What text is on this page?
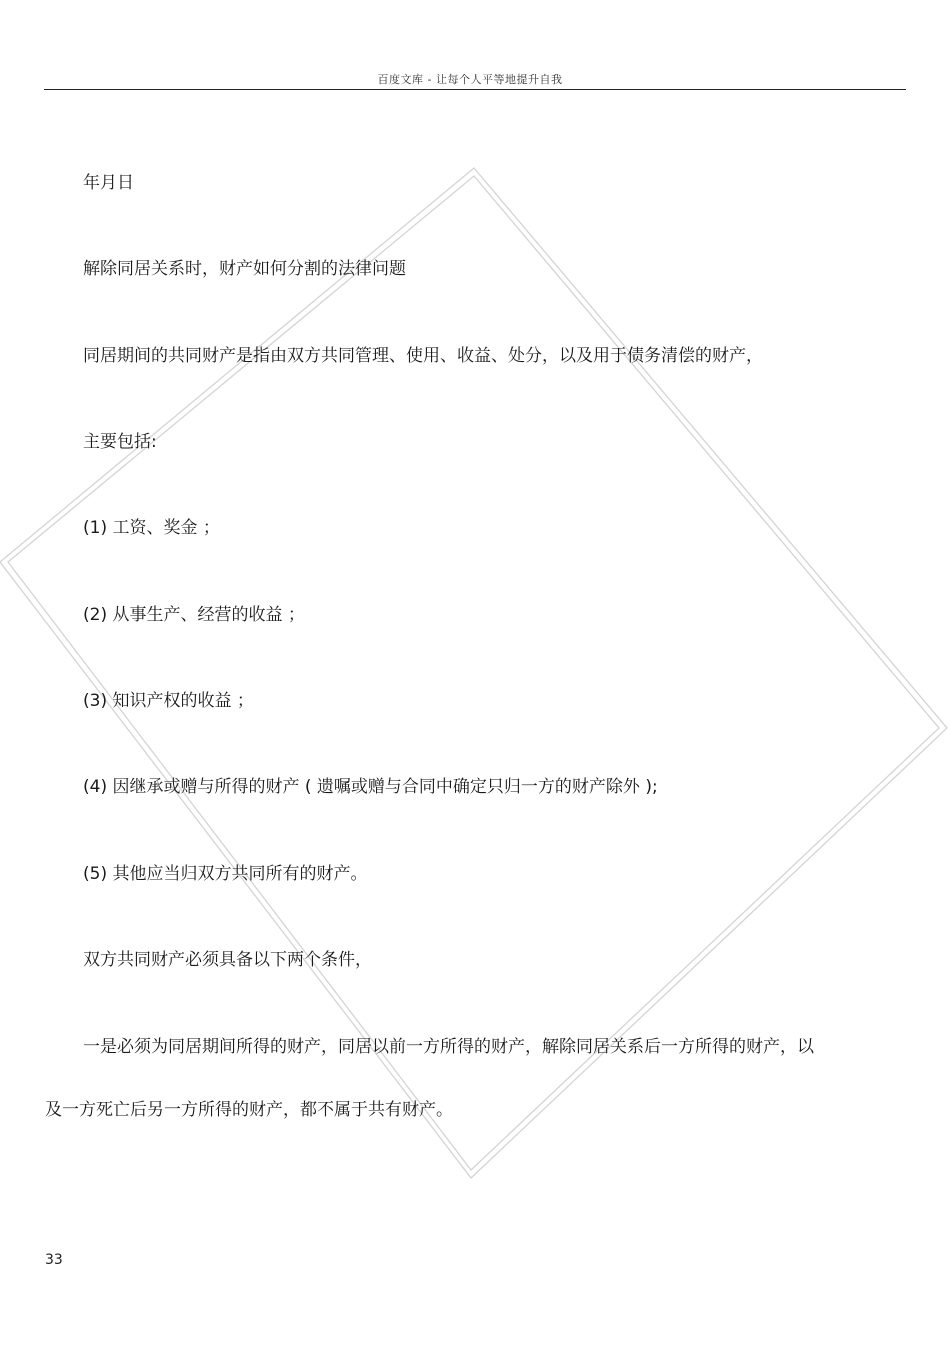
百度文库 - 让每个人平等地提升自我
年月日
解除同居关系时，财产如何分割的法律问题
同居期间的共同财产是指由双方共同管理、使用、收益、处分，以及用于债务清偿的财产，
主要包括:
(1) 工资、奖金 ；
(2) 从事生产、经营的收益 ；
(3) 知识产权的收益 ；
(4) 因继承或赠与所得的财产 ( 遗嘱或赠与合同中确定只归一方的财产除外 );
(5) 其他应当归双方共同所有的财产。
双方共同财产必须具备以下两个条件，
一是必须为同居期间所得的财产，同居以前一方所得的财产，解除同居关系后一方所得的财产，以
及一方死亡后另一方所得的财产，都不属于共有财产。
33
